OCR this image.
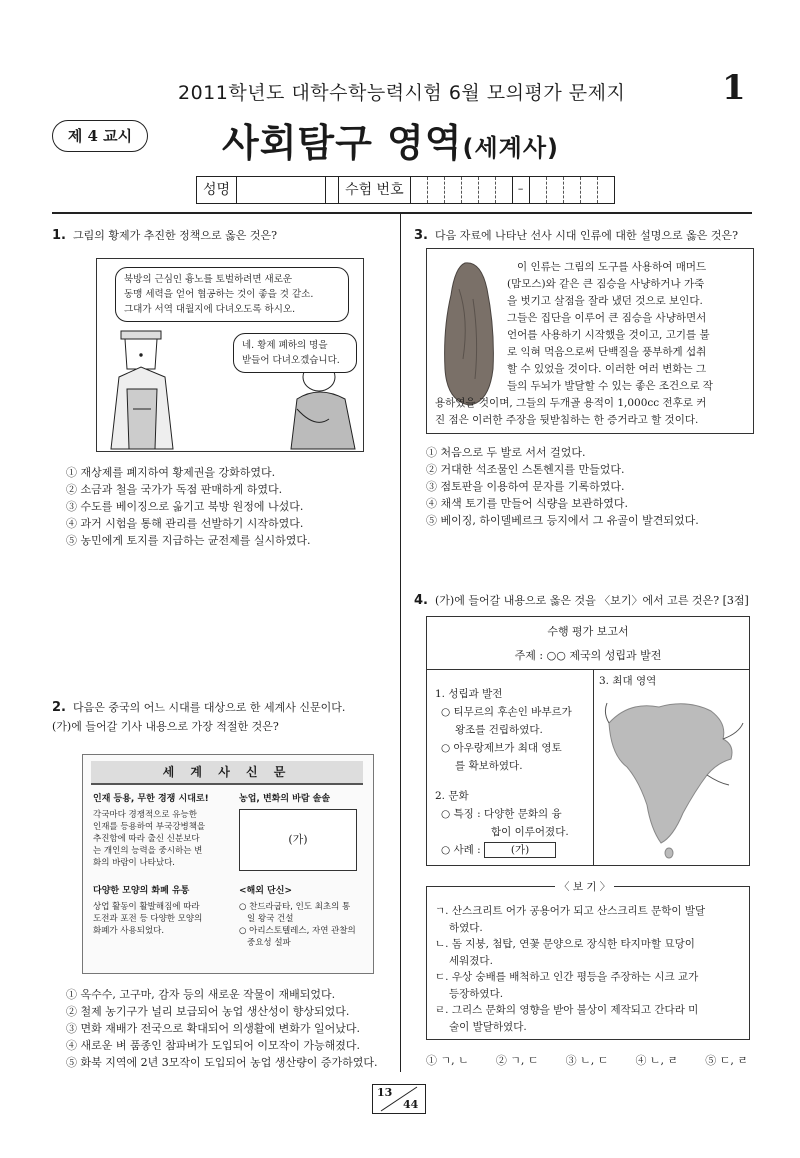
2011학년도 대학수학능력시험 6월 모의평가 문제지	1
제 4 교시	사회탐구 영역(세계사)
성명	수험 번호	–
1. 그림의 황제가 추진한 정책으로 옳은 것은?
북방의 근심인 흉노를 토벌하려면 새로운
동맹 세력을 얻어 협공하는 것이 좋을 것 같소.
그대가 서역 대월지에 다녀오도록 하시오.
네. 황제 폐하의 명을
받들어 다녀오겠습니다.
① 재상제를 폐지하여 황제권을 강화하였다.
② 소금과 철을 국가가 독점 판매하게 하였다.
③ 수도를 베이징으로 옮기고 북방 원정에 나섰다.
④ 과거 시험을 통해 관리를 선발하기 시작하였다.
⑤ 농민에게 토지를 지급하는 균전제를 실시하였다.
2. 다음은 중국의 어느 시대를 대상으로 한 세계사 신문이다.
(가)에 들어갈 기사 내용으로 가장 적절한 것은?
세 계 사 신 문
인재 등용, 무한 경쟁 시대로!
각국마다 경쟁적으로 유능한
인재를 등용하여 부국강병책을
추진함에 따라 출신 신분보다
는 개인의 능력을 중시하는 변
화의 바람이 나타났다.
농업, 변화의 바람 솔솔
(가)
다양한 모양의 화폐 유통
상업 활동이 활발해짐에 따라
도전과 포전 등 다양한 모양의
화폐가 사용되었다.
<해외 단신>
○ 찬드라굽타, 인도 최초의 통
일 왕국 건설
○ 아리스토텔레스, 자연 관찰의
중요성 설파
① 옥수수, 고구마, 감자 등의 새로운 작물이 재배되었다.
② 철제 농기구가 널리 보급되어 농업 생산성이 향상되었다.
③ 면화 재배가 전국으로 확대되어 의생활에 변화가 일어났다.
④ 새로운 벼 품종인 참파벼가 도입되어 이모작이 가능해졌다.
⑤ 화북 지역에 2년 3모작이 도입되어 농업 생산량이 증가하였다.
3. 다음 자료에 나타난 선사 시대 인류에 대한 설명으로 옳은 것은?
이 인류는 그림의 도구를 사용하여 매머드
(맘모스)와 같은 큰 짐승을 사냥하거나 가죽
을 벗기고 살점을 잘라 냈던 것으로 보인다.
그들은 집단을 이루어 큰 짐승을 사냥하면서
언어를 사용하기 시작했을 것이고, 고기를 불
로 익혀 먹음으로써 단백질을 풍부하게 섭취
할 수 있었을 것이다. 이러한 여러 변화는 그
들의 두뇌가 발달할 수 있는 좋은 조건으로 작
용하였을 것이며, 그들의 두개골 용적이 1,000cc 전후로 커
진 점은 이러한 주장을 뒷받침하는 한 증거라고 할 것이다.
① 처음으로 두 발로 서서 걸었다.
② 거대한 석조물인 스톤헨지를 만들었다.
③ 점토판을 이용하여 문자를 기록하였다.
④ 채색 토기를 만들어 식량을 보관하였다.
⑤ 베이징, 하이델베르크 등지에서 그 유골이 발견되었다.
4. (가)에 들어갈 내용으로 옳은 것을 〈보기〉에서 고른 것은? [3점]
수행 평가 보고서
주제 : ○○ 제국의 성립과 발전
1. 성립과 발전
○ 티무르의 후손인 바부르가
왕조를 건립하였다.
○ 아우랑제브가 최대 영토
를 확보하였다.
2. 문화
○ 특징 : 다양한 문화의 융
합이 이루어졌다.
○ 사례 :	(가)
3. 최대 영역
〈 보 기 〉
ㄱ. 산스크리트 어가 공용어가 되고 산스크리트 문학이 발달
하였다.
ㄴ. 돔 지붕, 첨탑, 연꽃 문양으로 장식한 타지마할 묘당이
세워졌다.
ㄷ. 우상 숭배를 배척하고 인간 평등을 주장하는 시크 교가
등장하였다.
ㄹ. 그리스 문화의 영향을 받아 불상이 제작되고 간다라 미
술이 발달하였다.
① ㄱ, ㄴ ② ㄱ, ㄷ ③ ㄴ, ㄷ ④ ㄴ, ㄹ ⑤ ㄷ, ㄹ
13
44
